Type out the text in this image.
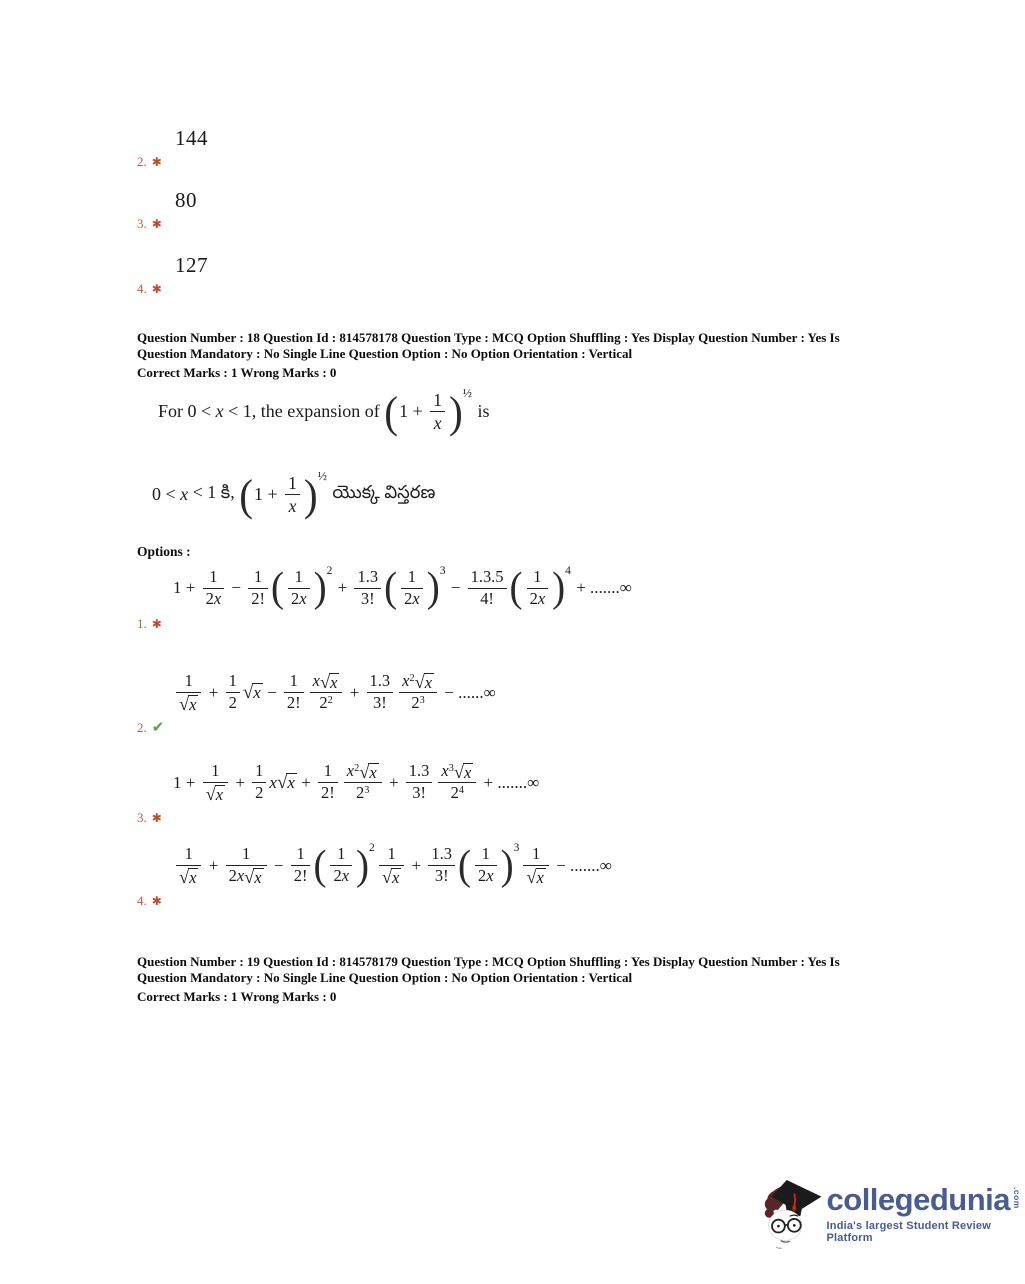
144
2. ✱
80
3. ✱
127
4. ✱
Question Number : 18 Question Id : 814578178 Question Type : MCQ Option Shuffling : Yes Display Question Number : Yes Is Question Mandatory : No Single Line Question Option : No Option Orientation : Vertical
Correct Marks : 1 Wrong Marks : 0
For 0 < x < 1, the expansion of ( $1 + \frac{1}{x}$ ) ½
is
0 < x < 1 కి, ( $1 + \frac{1}{x}$ ) ½
యొక్క విస్తరణ
Options :
$1 + \frac{1}{2x} - \frac{1}{2!}$ ( $\frac{1}{2x}$ ) 2
+ $\frac{1.3}{3!}$ ( $\frac{1}{2x}$ ) 3
− $\frac{1.3.5}{4!}$ ( $\frac{1}{2x}$ ) 4
+ .......∞
1. ✱
$\frac{1}{√ x} + \frac{1}{2}$ √ $x - \frac{1}{2!} \frac{x √ x}{2^2} + \frac{1.3}{3!} \frac{x^2 √ x}{2^3}$ − ......∞
2. ✔
$1 + \frac{1}{√ x} + \frac{1}{2}$ x √ $x + \frac{1}{2!} \frac{x^2 √ x}{2^3} + \frac{1.3}{3!} \frac{x^3 √ x}{2^4}$ + .......∞
3. ✱
$\frac{1}{√ x} + \frac{1}{2x √ x} - \frac{1}{2!}$ ( $\frac{1}{2x}$ ) $2 \frac{1}{√ x} + \frac{1.3}{3!}$ ( $\frac{1}{2x}$ ) $3 \frac{1}{√ x}$ − .......∞
4. ✱
Question Number : 19 Question Id : 814578179 Question Type : MCQ Option Shuffling : Yes Display Question Number : Yes Is Question Mandatory : No Single Line Question Option : No Option Orientation : Vertical
Correct Marks : 1 Wrong Marks : 0
collegedunia .com
India's largest Student Review Platform
